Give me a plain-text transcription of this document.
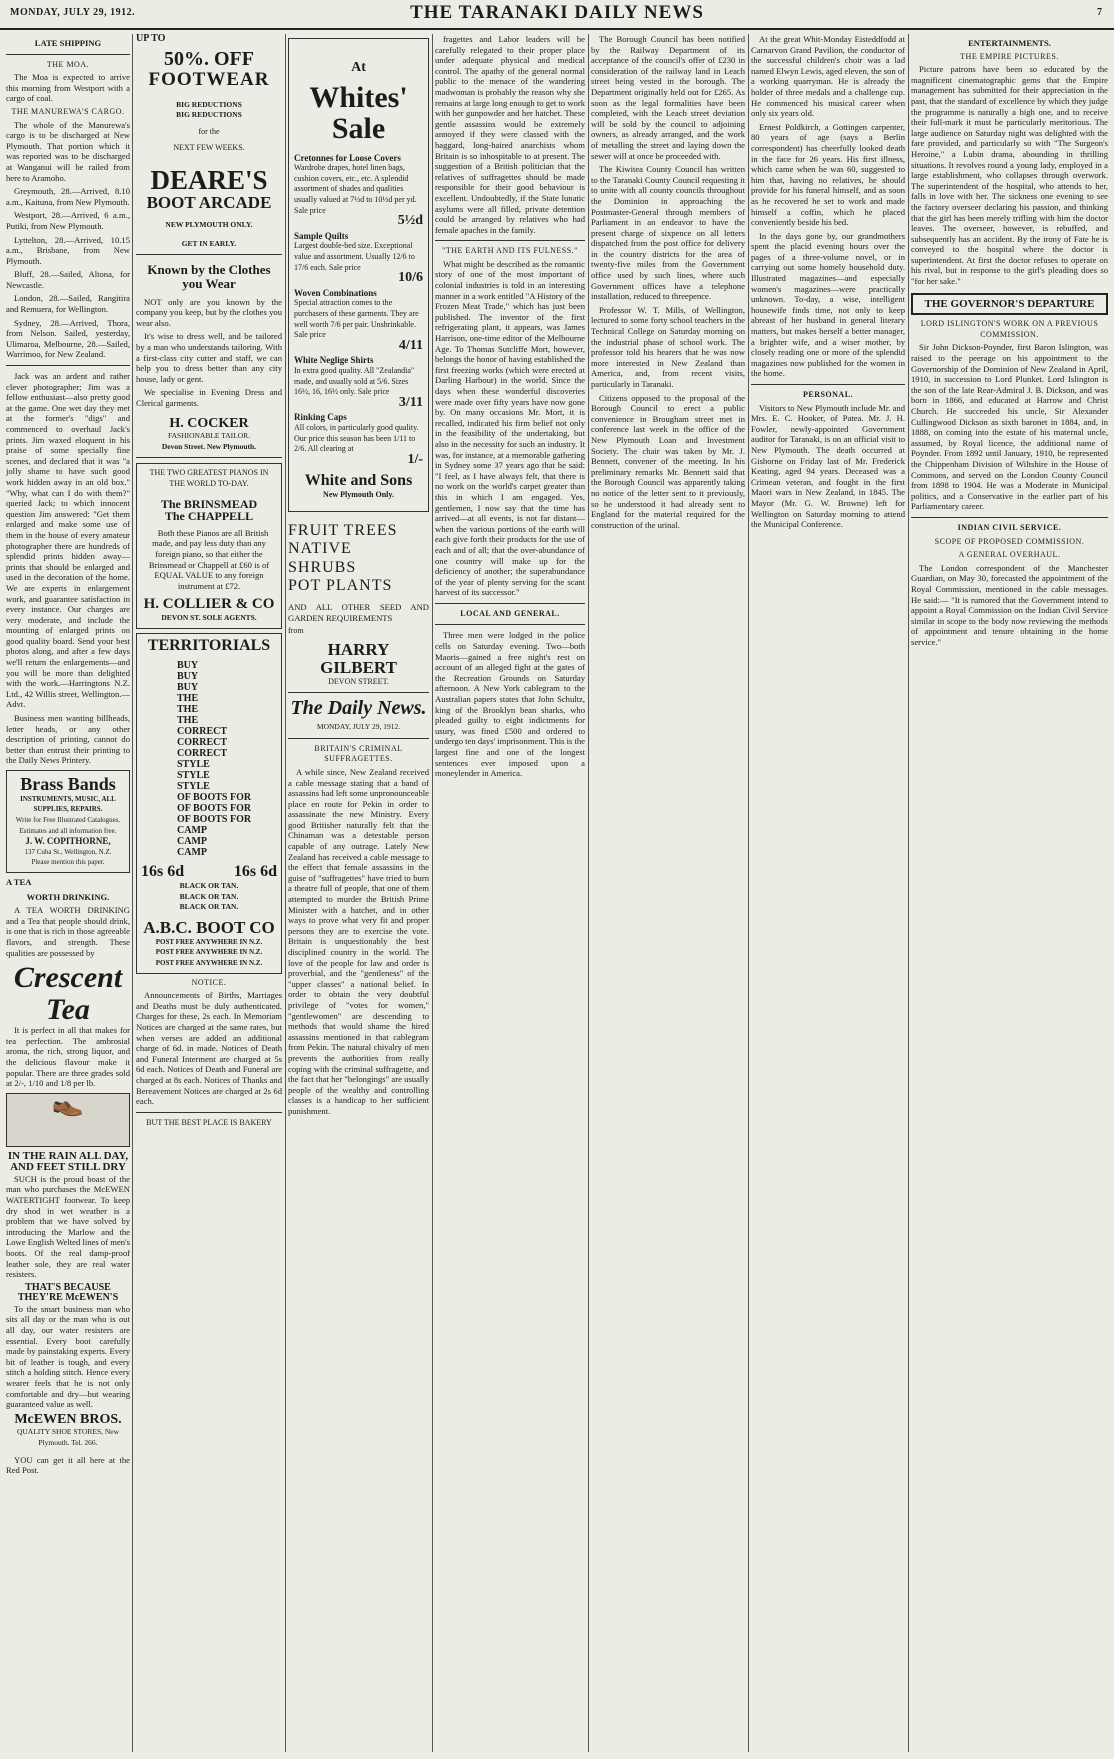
MONDAY, JULY 29, 1912.	THE TARANAKI DAILY NEWS	7
LATE SHIPPING
THE MOA.

The Moa is expected to arrive this morning from Westport with a cargo of coal.

THE MANUREWA'S CARGO.

The whole of the Manurewa's cargo is to be discharged at New Plymouth. That portion which it was reported was to be discharged at Wanganui will be railed from here to Aramoho.

Greymouth, 28.—Arrived, 8.10 a.m., Kaituna, from New Plymouth.

Westport, 28.—Arrived, 6 a.m., Putiki, from New Plymouth.

Lyttelton, 28.—Arrived, 10.15 a.m., Brisbane, from New Plymouth.

Bluff, 28.—Sailed, Altona, for Newcastle.

London, 28.—Sailed, Rangitira and Remuera, for Wellington.

Sydney, 28.—Arrived, Thora, from Nelson. Sailed, yesterday, Ulimaroa, Melbourne, 28.—Sailed, Warrimoo, for New Zealand.

Jack was an ardent and rather clever photographer; Jim was a fellow enthusiast—also pretty good at the game. One wet day they met at the former's "digs" and commenced to overhaul Jack's prints. Jim waxed eloquent in his praise of some specially fine scenes, and declared that it was "a jolly shame to have such good work hidden away in an old box." "Why, what can I do with them?" queried Jack; to which innocent question Jim answered: "Get them enlarged and make some use of them in the house of every amateur photographer there are hundreds of splendid prints hidden away—prints that should be enlarged and used in the decoration of the home. We are experts in enlargement work, and guarantee satisfaction in every instance. Our charges are very moderate, and include the mounting of enlarged prints on good quality board. Send your best photos along, and after a few days we'll return the enlargements—and you will be more than delighted with the work.—Harringtons N.Z. Ltd., 42 Willis street, Wellington.—Advt.

Business men wanting billheads, letter heads, or any other description of printing, cannot do better than entrust their printing to the Daily News Printery.

Brass Bands
INSTRUMENTS, MUSIC, ALL SUPPLIES, REPAIRS.
Write for Free Illustrated Catalogues. Estimates and all information free.
J. W. COPITHORNE,
137 Cuba St., Wellington, N.Z.
Please mention this paper.
A TEA
WORTH DRINKING.

A TEA WORTH DRINKING and a Tea that people should drink, is one that is rich in those agreeable flavors, and strength. These qualities are possessed by

Crescent
Tea

It is perfect in all that makes for tea perfection. The ambrosial aroma, the rich, strong liquor, and the delicious flavour make it popular. There are three grades sold at 2/-, 1/10 and 1/8 per lb.

👞
IN THE RAIN ALL DAY, AND FEET STILL DRY

SUCH is the proud boast of the man who purchases the McEWEN WATERTIGHT footwear. To keep dry shod in wet weather is a problem that we have solved by introducing the Marlow and the Lowe English Welted lines of men's boots. Of the real damp-proof leather sole, they are real water resisters.

THAT'S BECAUSE THEY'RE McEWEN'S

To the smart business man who sits all day or the man who is out all day, our water resisters are essential. Every boot carefully made by painstaking experts. Every bit of leather is tough, and every stitch a holding stitch. Hence every wearer feels that he is not only comfortable and dry—but wearing guaranteed value as well.

McEWEN BROS.
QUALITY SHOE STORES, New Plymouth. Tel. 266.

YOU can get it all here at the Red Post.

UP TO
50%. OFF
FOOTWEAR
BIG REDUCTIONS
BIG REDUCTIONS
for the
NEXT FEW WEEKS.
DEARE'S
BOOT ARCADE
NEW PLYMOUTH ONLY.
GET IN EARLY.
Known by the Clothes you Wear

NOT only are you known by the company you keep, but by the clothes you wear also.

It's wise to dress well, and be tailored by a man who understands tailoring. With a first-class city cutter and staff, we can help you to dress better than any city house, lady or gent.

We specialise in Evening Dress and Clerical garments.

H. COCKER
FASHIONABLE TAILOR.
Devon Street. New Plymouth.
THE TWO GREATEST PIANOS IN THE WORLD TO-DAY.
The BRINSMEAD
The CHAPPELL

Both these Pianos are all British made, and pay less duty than any foreign piano, so that either the Brinsmead or Chappell at £60 is of EQUAL VALUE to any foreign instrument at £72.

H. COLLIER & CO
DEVON ST. SOLE AGENTS.
TERRITORIALS
BUY
BUY
BUY
THE
THE
THE
CORRECT
CORRECT
CORRECT
STYLE
STYLE
STYLE
OF BOOTS FOR
OF BOOTS FOR
OF BOOTS FOR
CAMP
CAMP
CAMP
16s 6d	16s 6d
BLACK OR TAN.
BLACK OR TAN.
BLACK OR TAN.
A.B.C. BOOT CO
POST FREE ANYWHERE IN N.Z.
POST FREE ANYWHERE IN N.Z.
POST FREE ANYWHERE IN N.Z.
NOTICE.

Announcements of Births, Marriages and Deaths must be duly authenticated. Charges for these, 2s each. In Memoriam Notices are charged at the same rates, but when verses are added an additional charge of 6d. in made. Notices of Death and Funeral Interment are charged at 5s 6d each. Notices of Death and Funeral are charged at 8s each. Notices of Thanks and Bereavement Notices are charged at 2s 6d each.

BUT THE BEST PLACE IS BAKERY
At
Whites'
Sale
Cretonnes for Loose Covers
Wardrobe drapes, hotel linen bags, cushion covers, etc., etc. A splendid assortment of shades and qualities usually valued at 7½d to 10½d per yd. Sale price
5½d
Sample Quilts
Largest double-bed size. Exceptional value and assortment. Usually 12/6 to 17/6 each. Sale price
10/6
Woven Combinations
Special attraction comes to the purchasers of these garments. They are well worth 7/6 per pair. Unshrinkable. Sale price
4/11
White Neglige Shirts
In extra good quality. All "Zealandia" made, and usually sold at 5/6. Sizes 16½, 16, 16½ only. Sale price
3/11
Rinking Caps
All colors, in particularly good quality. Our price this season has been 1/11 to 2/6. All clearing at
1/-
White and Sons
New Plymouth Only.
FRUIT TREES
NATIVE
SHRUBS
POT PLANTS

AND ALL OTHER SEED AND GARDEN REQUIREMENTS

from
HARRY GILBERT
DEVON STREET.
The Daily News.
MONDAY, JULY 29, 1912.
BRITAIN'S CRIMINAL SUFFRAGETTES.

A while since, New Zealand received a cable message stating that a band of assassins had left some unpronounceable place en route for Pekin in order to assassinate the new Ministry. Every good Britisher naturally felt that the Chinaman was a detestable person capable of any outrage. Lately New Zealand has received a cable message to the effect that female assassins in the guise of "suffragettes" have tried to burn a theatre full of people, that one of them attempted to murder the British Prime Minister with a hatchet, and in other ways to prove what very fit and proper persons they are to exercise the vote. Britain is unquestionably the best disciplined country in the world. The love of the people for law and order is proverbial, and the "gentleness" of the "upper classes" a national belief. In order to obtain the very doubtful privilege of "votes for women," "gentlewomen" are descending to methods that would shame the hired assassins mentioned in that cablegram from Pekin. The natural chivalry of men prevents the authorities from really coping with the criminal suffragette, and the fact that her "belongings" are usually people of the wealthy and controlling classes is a handicap to her sufficient punishment.

fragettes and Labor leaders will be carefully relegated to their proper place under adequate physical and medical control. The apathy of the general normal public to the menace of the wandering madwoman is probably the reason why she remains at large long enough to get to work with her gunpowder and her hatchet. These gentle assassins would be extremely annoyed if they were classed with the haggard, long-haired anarchists whom Britain is so inhospitable to at present. The suggestion of a British politician that the relatives of suffragettes should be made responsible for their good behaviour is excellent. Undoubtedly, if the State lunatic asylums were all filled, private detention could be arranged by relatives who had female apaches in the family.

"THE EARTH AND ITS FULNESS."

What might be described as the romantic story of one of the most important of colonial industries is told in an interesting manner in a work entitled "A History of the Frozen Meat Trade," which has just been published. The inventor of the first refrigerating plant, it appears, was James Harrison, one-time editor of the Melbourne Age. To Thomas Sutcliffe Mort, however, belongs the honor of having established the first freezing works (which were erected at Darling Harbour) in the world. Since the days when these wonderful discoveries were made over fifty years have now gone by. On many occasions Mr. Mort, it is recalled, indicated his firm belief not only in the feasibility of the undertaking, but also in the necessity for such an industry. It was, for instance, at a memorable gathering in Sydney some 37 years ago that he said: "I feel, as I have always felt, that there is no work on the world's carpet greater than this in which I am engaged. Yes, gentlemen, I now say that the time has arrived—at all events, is not far distant—when the various portions of the earth will each give forth their products for the use of each and of all; that the over-abundance of one country will make up for the deficiency of another; the superabundance of the year of plenty serving for the scant harvest of its successor."

LOCAL AND GENERAL.

Three men were lodged in the police cells on Saturday evening. Two—both Maoris—gained a free night's rest on account of an alleged fight at the gates of the Recreation Grounds on Saturday afternoon. A New York cablegram to the Australian papers states that John Schultz, king of the Brooklyn bean sharks, who pleaded guilty to eight indictments for usury, was fined £500 and ordered to undergo ten days' imprisonment. This is the largest fine and one of the longest sentences ever imposed upon a moneylender in America.

The Borough Council has been notified by the Railway Department of its acceptance of the council's offer of £230 in consideration of the railway land in Leach street being vested in the borough. The Department originally held out for £265. As soon as the legal formalities have been completed, with the Leach street deviation will be sold by the council to adjoining owners, as already arranged, and the work of metalling the street and laying down the sewer will at once be proceeded with.

The Kiwitea County Council has written to the Taranaki County Council requesting it to unite with all county councils throughout the Dominion in approaching the Postmaster-General through members of Parliament in an endeavor to have the present charge of sixpence on all letters dispatched from the post office for delivery in the country districts for the area of twenty-five miles from the Government office used by such lines, where such Government offices have a telephone installation, reduced to threepence.

Professor W. T. Mills, of Wellington, lectured to some forty school teachers in the Technical College on Saturday morning on the industrial phase of school work. The professor told his hearers that he was now more interested in New Zealand than America, and, from recent visits, particularly in Taranaki.

Citizens opposed to the proposal of the Borough Council to erect a public convenience in Brougham street met in conference last week in the office of the New Plymouth Loan and Investment Society. The chair was taken by Mr. J. Bennett, convener of the meeting. In his preliminary remarks Mr. Bennett said that the Borough Council was apparently taking no notice of the letter sent to it previously, so he understood it had already sent to England for the material required for the construction of the urinal.

At the great Whit-Monday Eisteddfodd at Carnarvon Grand Pavilion, the conductor of the successful children's choir was a lad named Elwyn Lewis, aged eleven, the son of a working quarryman. He is already the holder of three medals and a challenge cup. He commenced his musical career when only six years old.

Ernest Poldkirch, a Gottingen carpenter, 80 years of age (says a Berlin correspondent) has cheerfully looked death in the face for 26 years. His first illness, which came when he was 60, suggested to him that, having no relatives, he should provide for his funeral himself, and as soon as he recovered he set to work and made himself a coffin, which he placed conveniently beside his bed.

In the days gone by, our grandmothers spent the placid evening hours over the pages of a three-volume novel, or in carrying out some homely household duty. Illustrated magazines—and especially women's magazines—were practically unknown. To-day, a wise, intelligent housewife finds time, not only to keep abreast of her husband in general literary matters, but makes herself a better manager, a brighter wife, and a wiser mother, by closely reading one or more of the splendid magazines now published for the women in the home.

PERSONAL.

Visitors to New Plymouth include Mr. and Mrs. E. C. Hooker, of Patea. Mr. J. H. Fowler, newly-appointed Government auditor for Taranaki, is on an official visit to New Plymouth. The death occurred at Gisborne on Friday last of Mr. Frederick Keating, aged 94 years. Deceased was a Crimean veteran, and fought in the first Maori wars in New Zealand, in 1845. The Mayor (Mr. G. W. Browne) left for Wellington on Saturday morning to attend the Municipal Conference.

ENTERTAINMENTS.
THE EMPIRE PICTURES.

Picture patrons have been so educated by the magnificent cinematographic gems that the Empire management has submitted for their appreciation in the past, that the standard of excellence by which they judge the programme is naturally a high one, and to receive their full-mark it must be particularly meritorious. The large audience on Saturday night was delighted with the fare provided, and particularly so with "The Surgeon's Heroine," a Lubin drama, abounding in thrilling situations. It revolves round a young lady, employed in a large establishment, who collapses through overwork. The superintendent of the hospital, who attends to her, falls in love with her. The sickness one evening to see the factory overseer declaring his passion, and thinking that the girl has been merely trifling with him the doctor leaves. The overseer, however, is rebuffed, and subsequently has an accident. By the irony of Fate he is conveyed to the hospital where the doctor is superintendent. At first the doctor refuses to operate on his rival, but in response to the girl's pleading does so "for her sake."

THE GOVERNOR'S DEPARTURE
LORD ISLINGTON'S WORK ON A PREVIOUS COMMISSION.

Sir John Dickson-Poynder, first Baron Islington, was raised to the peerage on his appointment to the Governorship of the Dominion of New Zealand in April, 1910, in succession to Lord Plunket. Lord Islington is the son of the late Rear-Admiral J. B. Dickson, and was born in 1866, and educated at Harrow and Christ Church. He succeeded his uncle, Sir Alexander Cullingwood Dickson as sixth baronet in 1884, and, in 1888, on coming into the estate of his maternal uncle, assumed, by Royal licence, the additional name of Poynder. From 1892 until January, 1910, he represented the Chippenham Division of Wiltshire in the House of Commons, and served on the London County Council from 1898 to 1904. He was a Moderate in Municipal politics, and a Conservative in the earlier part of his Parliamentary career.

INDIAN CIVIL SERVICE.
SCOPE OF PROPOSED COMMISSION.
A GENERAL OVERHAUL.

The London correspondent of the Manchester Guardian, on May 30, forecasted the appointment of the Royal Commission, mentioned in the cable messages. He said:— "It is rumored that the Government intend to appoint a Royal Commission on the Indian Civil Service similar in scope to the body now reviewing the methods of appointment and tenure obtaining in the home service."
